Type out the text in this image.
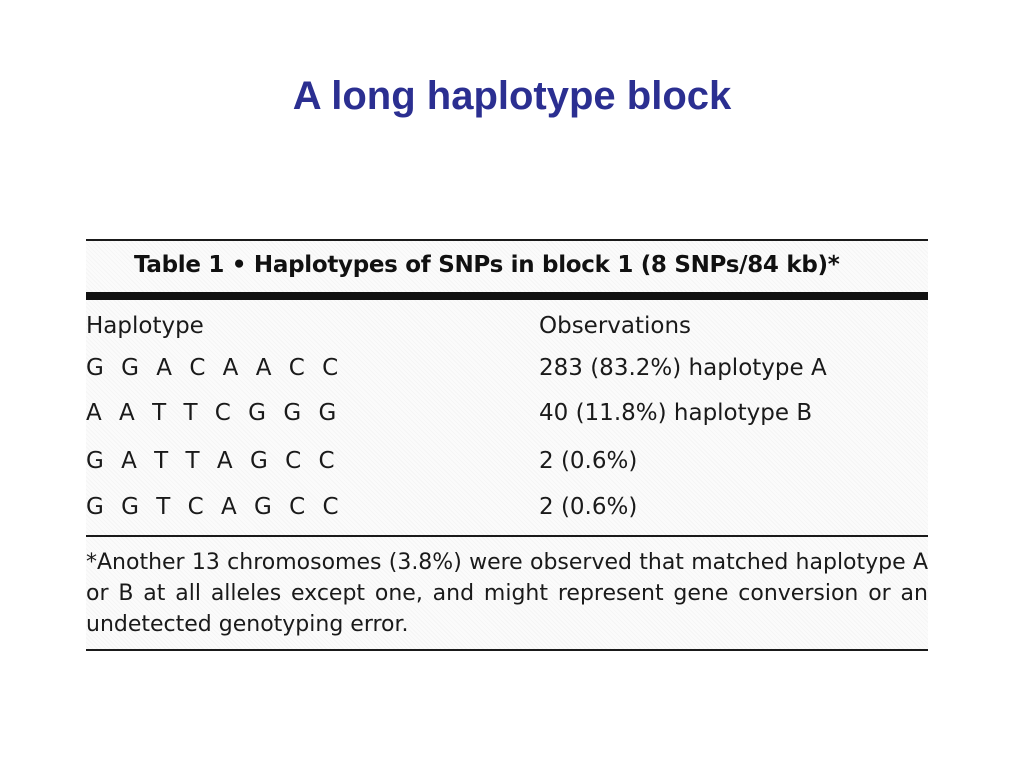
A long haplotype block
Table 1 • Haplotypes of SNPs in block 1 (8 SNPs/84 kb)*
Haplotype	Observations
G G A C A A C C	283 (83.2%) haplotype A
A A T T C G G G	40 (11.8%) haplotype B
G A T T A G C C	2 (0.6%)
G G T C A G C C	2 (0.6%)
*Another 13 chromosomes (3.8%) were observed that matched haplotype A or B at all alleles except one, and might represent gene conversion or an undetected genotyping error.
